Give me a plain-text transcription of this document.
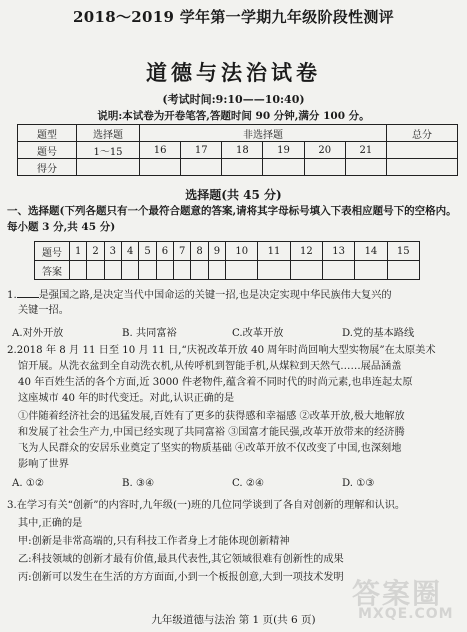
2018～2019 学年第一学期九年级阶段性测评
道德与法治试卷
(考试时间:9:10——10:40)
说明:本试卷为开卷笔答,答题时间 90 分钟,满分 100 分。
题型	选择题	非选择题						总分
题号	1～15	16	17	18	19	20	21	
得分								
选择题(共 45 分)
一、选择题(下列各题只有一个最符合题意的答案,请将其字母标号填入下表相应题号下的空格内。每小题 3 分,共 45 分)
题号	1	2	3	4	5	6	7	8	9	10	11	12	13	14	15
答案															
1. 是强国之路,是决定当代中国命运的关键一招,也是决定实现中华民族伟大复兴的
关键一招。
A.对外开放	B. 共同富裕	C.改革开放	D.党的基本路线
2.2018 年 8 月 11 日至 10 月 11 日,“庆祝改革开放 40 周年时尚回响大型实物展”在太原美术
馆开展。从洗衣盆到全自动洗衣机,从传呼机到智能手机,从煤粒到天然气……展品涵盖
40 年百姓生活的各个方面,近 3000 件老物件,蕴含着不同时代的时尚元素,也串连起太原
这座城市 40 年的时代变迁。对此,认识正确的是
①伴随着经济社会的迅猛发展,百姓有了更多的获得感和幸福感 ②改革开放,极大地解放
和发展了社会生产力,中国已经实现了共同富裕 ③国富才能民强,改革开放带来的经济腾
飞为人民群众的安居乐业奠定了坚实的物质基础 ④改革开放不仅改变了中国,也深刻地
影响了世界
A. ①②	B. ③④	C. ②④	D. ①③
3.在学习有关“创新”的内容时,九年级(一)班的几位同学谈到了各自对创新的理解和认识。
其中,正确的是
甲:创新是非常高端的,只有科技工作者身上才能体现创新精神
乙:科技领域的创新才最有价值,最具代表性,其它领域很难有创新性的成果
丙:创新可以发生在生活的方方面面,小到一个板报创意,大到一项技术发明
九年级道德与法治 第 1 页(共 6 页)
答案圈
MXQE.COM
